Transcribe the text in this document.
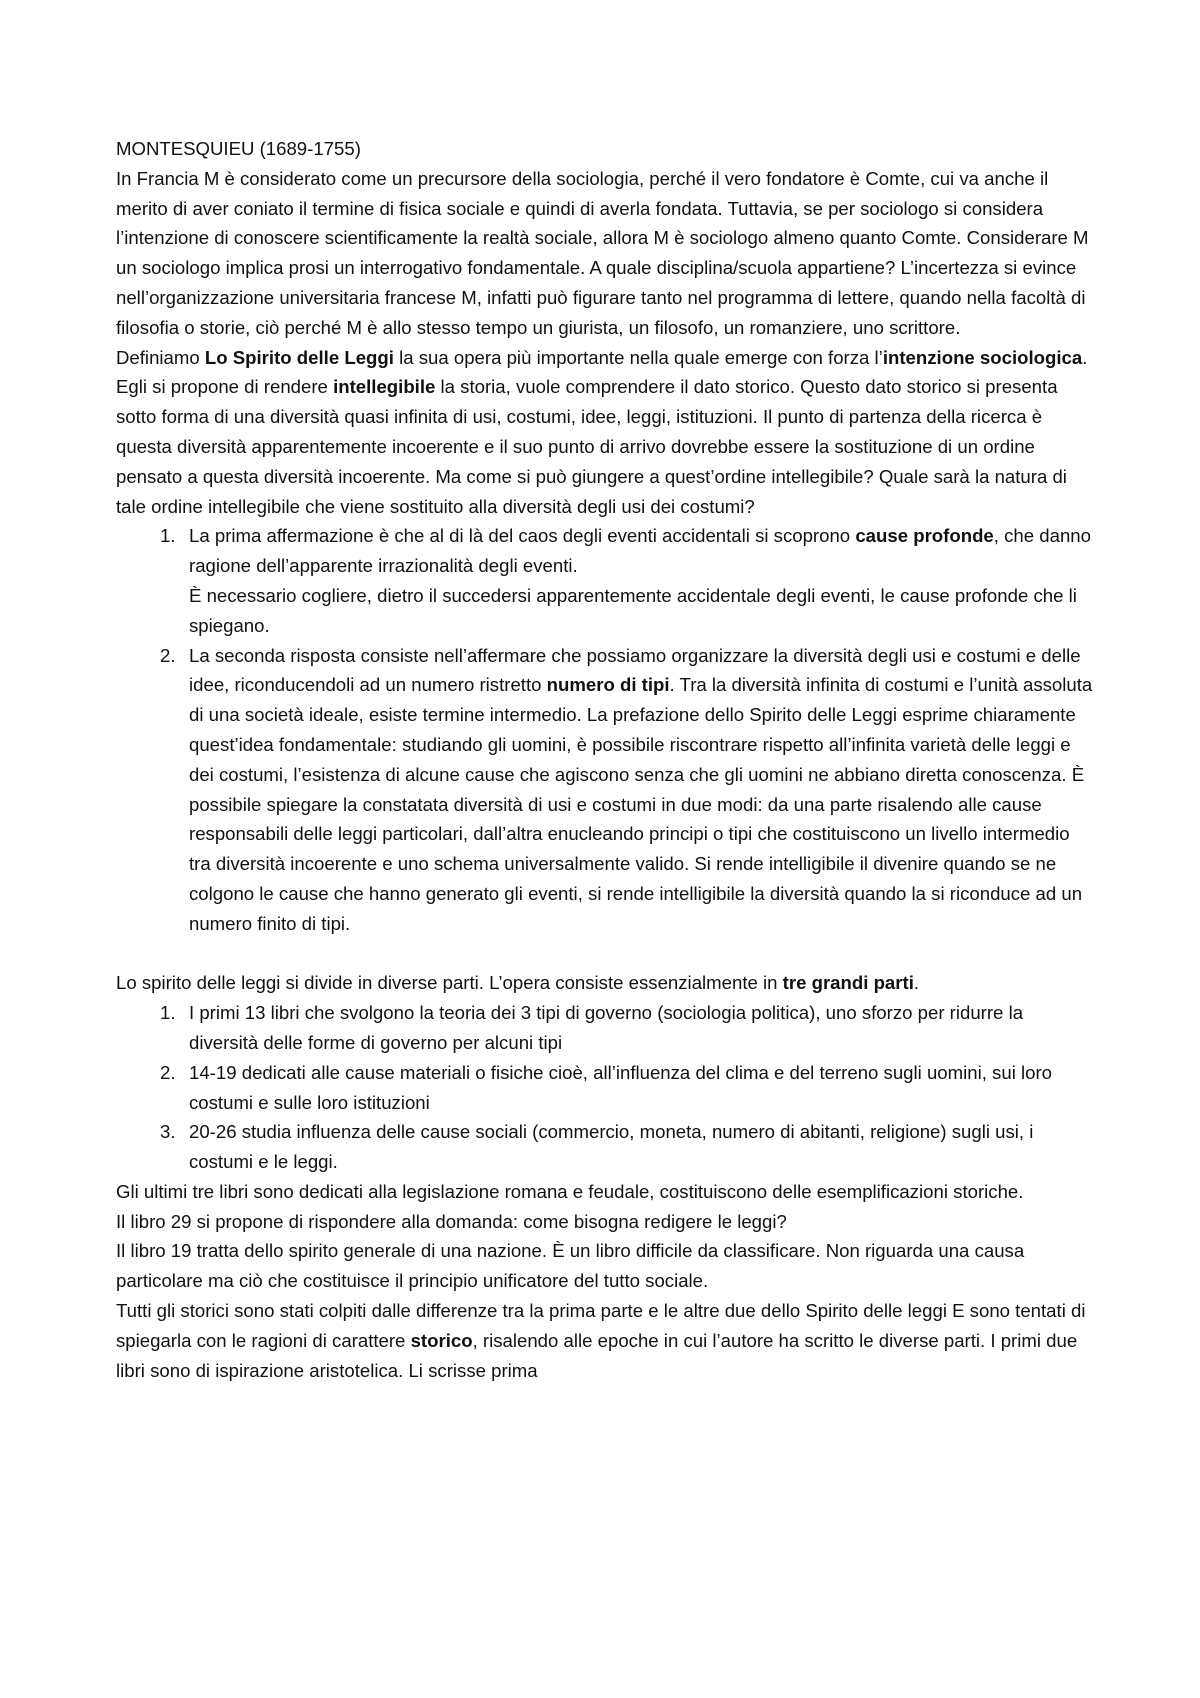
MONTESQUIEU (1689-1755)

In Francia M è considerato come un precursore della sociologia, perché il vero fondatore è Comte, cui va anche il merito di aver coniato il termine di fisica sociale e quindi di averla fondata. Tuttavia, se per sociologo si considera l’intenzione di conoscere scientificamente la realtà sociale, allora M è sociologo almeno quanto Comte. Considerare M un sociologo implica prosi un interrogativo fondamentale. A quale disciplina/scuola appartiene? L’incertezza si evince nell’organizzazione universitaria francese M, infatti può figurare tanto nel programma di lettere, quando nella facoltà di filosofia o storie, ciò perché M è allo stesso tempo un giurista, un filosofo, un romanziere, uno scrittore.

Definiamo Lo Spirito delle Leggi la sua opera più importante nella quale emerge con forza l’intenzione sociologica. Egli si propone di rendere intellegibile la storia, vuole comprendere il dato storico. Questo dato storico si presenta sotto forma di una diversità quasi infinita di usi, costumi, idee, leggi, istituzioni. Il punto di partenza della ricerca è questa diversità apparentemente incoerente e il suo punto di arrivo dovrebbe essere la sostituzione di un ordine pensato a questa diversità incoerente. Ma come si può giungere a quest’ordine intellegibile? Quale sarà la natura di tale ordine intellegibile che viene sostituito alla diversità degli usi dei costumi?

1. La prima affermazione è che al di là del caos degli eventi accidentali si scoprono cause profonde, che danno ragione dell’apparente irrazionalità degli eventi.
È necessario cogliere, dietro il succedersi apparentemente accidentale degli eventi, le cause profonde che li spiegano.
2. La seconda risposta consiste nell’affermare che possiamo organizzare la diversità degli usi e costumi e delle idee, riconducendoli ad un numero ristretto numero di tipi. Tra la diversità infinita di costumi e l’unità assoluta di una società ideale, esiste termine intermedio. La prefazione dello Spirito delle Leggi esprime chiaramente quest’idea fondamentale: studiando gli uomini, è possibile riscontrare rispetto all’infinita varietà delle leggi e dei costumi, l’esistenza di alcune cause che agiscono senza che gli uomini ne abbiano diretta conoscenza. È possibile spiegare la constatata diversità di usi e costumi in due modi: da una parte risalendo alle cause responsabili delle leggi particolari, dall’altra enucleando principi o tipi che costituiscono un livello intermedio tra diversità incoerente e uno schema universalmente valido. Si rende intelligibile il divenire quando se ne colgono le cause che hanno generato gli eventi, si rende intelligibile la diversità quando la si riconduce ad un numero finito di tipi.

Lo spirito delle leggi si divide in diverse parti. L’opera consiste essenzialmente in tre grandi parti.

1. I primi 13 libri che svolgono la teoria dei 3 tipi di governo (sociologia politica), uno sforzo per ridurre la diversità delle forme di governo per alcuni tipi
2. 14-19 dedicati alle cause materiali o fisiche cioè, all’influenza del clima e del terreno sugli uomini, sui loro costumi e sulle loro istituzioni
3. 20-26 studia influenza delle cause sociali (commercio, moneta, numero di abitanti, religione) sugli usi, i costumi e le leggi.

Gli ultimi tre libri sono dedicati alla legislazione romana e feudale, costituiscono delle esemplificazioni storiche.

Il libro 29 si propone di rispondere alla domanda: come bisogna redigere le leggi?

Il libro 19 tratta dello spirito generale di una nazione. È un libro difficile da classificare. Non riguarda una causa particolare ma ciò che costituisce il principio unificatore del tutto sociale.

Tutti gli storici sono stati colpiti dalle differenze tra la prima parte e le altre due dello Spirito delle leggi E sono tentati di spiegarla con le ragioni di carattere storico, risalendo alle epoche in cui l’autore ha scritto le diverse parti. I primi due libri sono di ispirazione aristotelica. Li scrisse prima
